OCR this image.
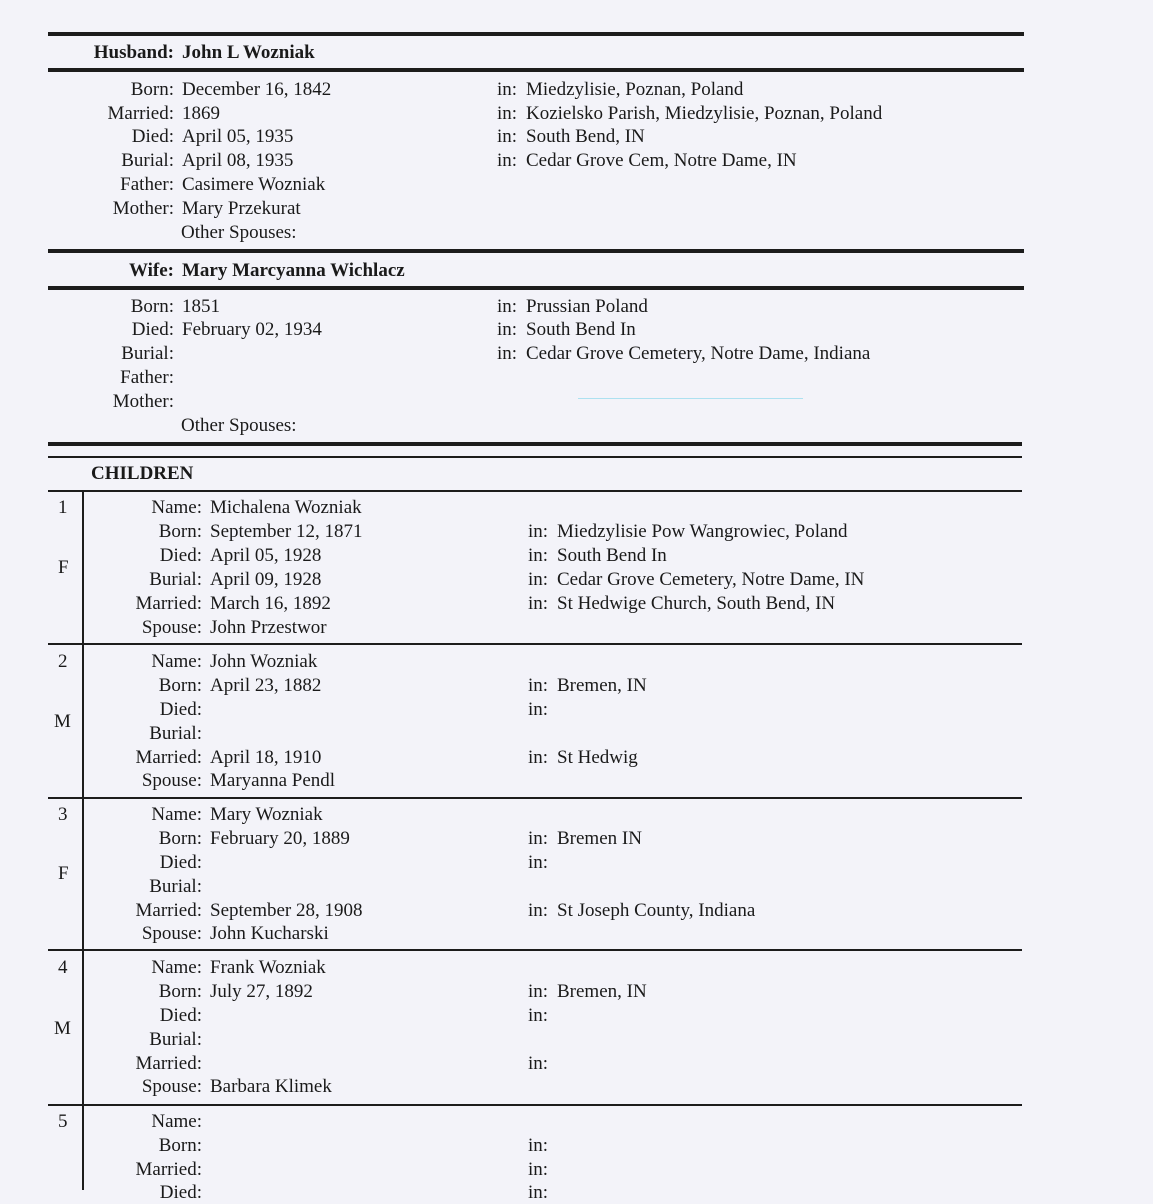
Husband: John L Wozniak
Born: December 16, 1842	in: Miedzylisie, Poznan, Poland
Married: 1869	in: Kozielsko Parish, Miedzylisie, Poznan, Poland
Died: April 05, 1935	in: South Bend, IN
Burial: April 08, 1935	in: Cedar Grove Cem, Notre Dame, IN
Father: Casimere Wozniak
Mother: Mary Przekurat
Other Spouses:
Wife: Mary Marcyanna Wichlacz
Born: 1851	in: Prussian Poland
Died: February 02, 1934	in: South Bend In
Burial:	in: Cedar Grove Cemetery, Notre Dame, Indiana
Father:
Mother:
Other Spouses:
CHILDREN
1
F
Name: Michalena Wozniak
Born: September 12, 1871	in: Miedzylisie Pow Wangrowiec, Poland
Died: April 05, 1928	in: South Bend In
Burial: April 09, 1928	in: Cedar Grove Cemetery, Notre Dame, IN
Married: March 16, 1892	in: St Hedwige Church, South Bend, IN
Spouse: John Przestwor
2
M
Name: John Wozniak
Born: April 23, 1882	in: Bremen, IN
Died:	in:
Burial:
Married: April 18, 1910	in: St Hedwig
Spouse: Maryanna Pendl
3
F
Name: Mary Wozniak
Born: February 20, 1889	in: Bremen IN
Died:	in:
Burial:
Married: September 28, 1908	in: St Joseph County, Indiana
Spouse: John Kucharski
4
M
Name: Frank Wozniak
Born: July 27, 1892	in: Bremen, IN
Died:	in:
Burial:
Married:	in:
Spouse: Barbara Klimek
5	Name:
Born:	in:
Married:	in:
Died:	in:
